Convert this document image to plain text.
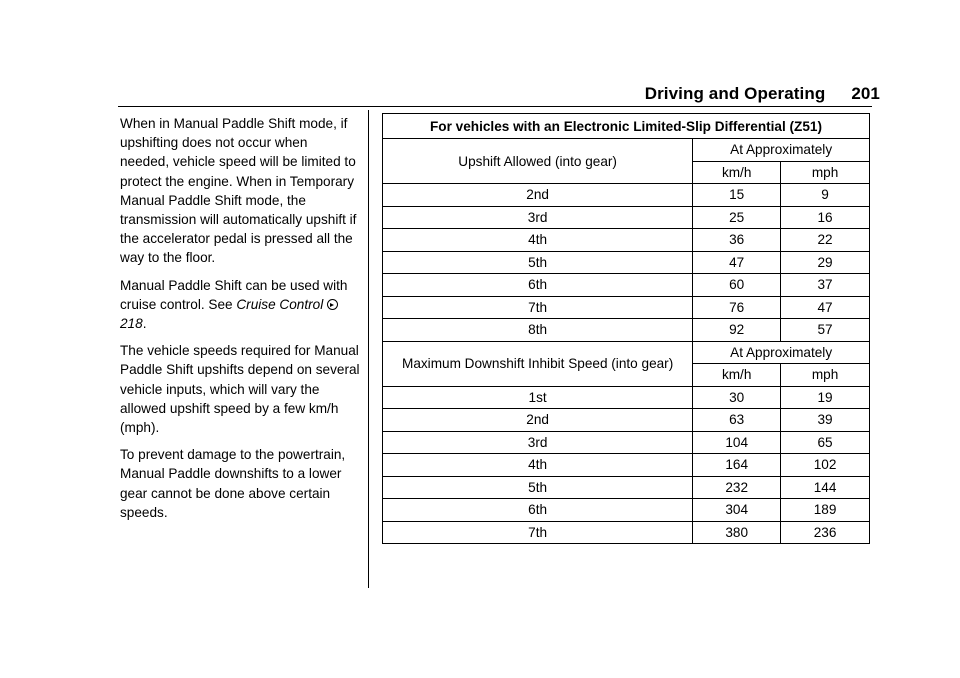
Driving and Operating 201

When in Manual Paddle Shift mode, if upshifting does not occur when needed, vehicle speed will be limited to protect the engine. When in Temporary Manual Paddle Shift mode, the transmission will automatically upshift if the accelerator pedal is pressed all the way to the floor.

Manual Paddle Shift can be used with cruise control. See Cruise Control218.

The vehicle speeds required for Manual Paddle Shift upshifts depend on several vehicle inputs, which will vary the allowed upshift speed by a few km/h (mph).

To prevent damage to the powertrain, Manual Paddle downshifts to a lower gear cannot be done above certain speeds.

For vehicles with an Electronic Limited-Slip Differential (Z51)		
Upshift Allowed (into gear)	At Approximately	
	km/h	mph
2nd	15	9
3rd	25	16
4th	36	22
5th	47	29
6th	60	37
7th	76	47
8th	92	57
Maximum Downshift Inhibit Speed (into gear)	At Approximately	
	km/h	mph
1st	30	19
2nd	63	39
3rd	104	65
4th	164	102
5th	232	144
6th	304	189
7th	380	236
